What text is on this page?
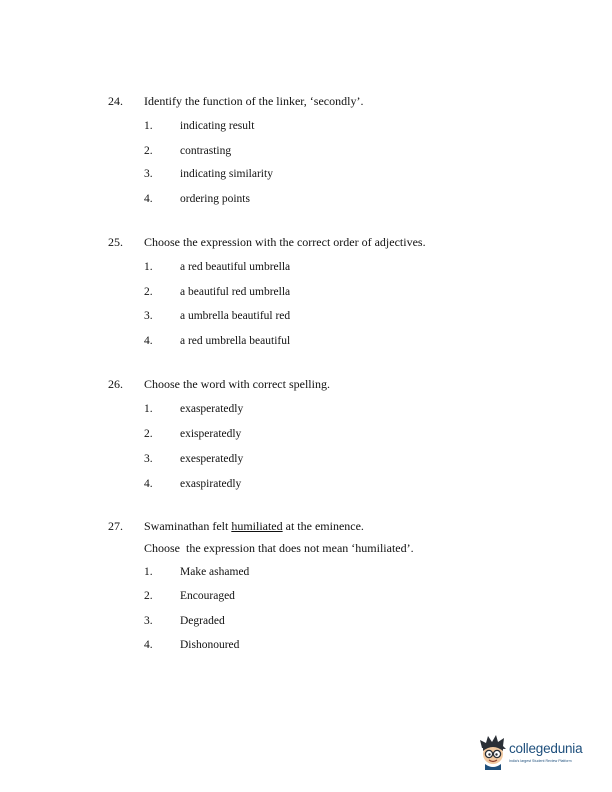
24. Identify the function of the linker, ‘secondly’.
1. indicating result
2. contrasting
3. indicating similarity
4. ordering points
25. Choose the expression with the correct order of adjectives.
1. a red beautiful umbrella
2. a beautiful red umbrella
3. a umbrella beautiful red
4. a red umbrella beautiful
26. Choose the word with correct spelling.
1. exasperatedly
2. exisperatedly
3. exesperatedly
4. exaspiratedly
27. Swaminathan felt humiliated at the eminence.
Choose  the expression that does not mean ‘humiliated’.
1. Make ashamed
2. Encouraged
3. Degraded
4. Dishonoured
collegedunia
India's largest Student Review Platform
